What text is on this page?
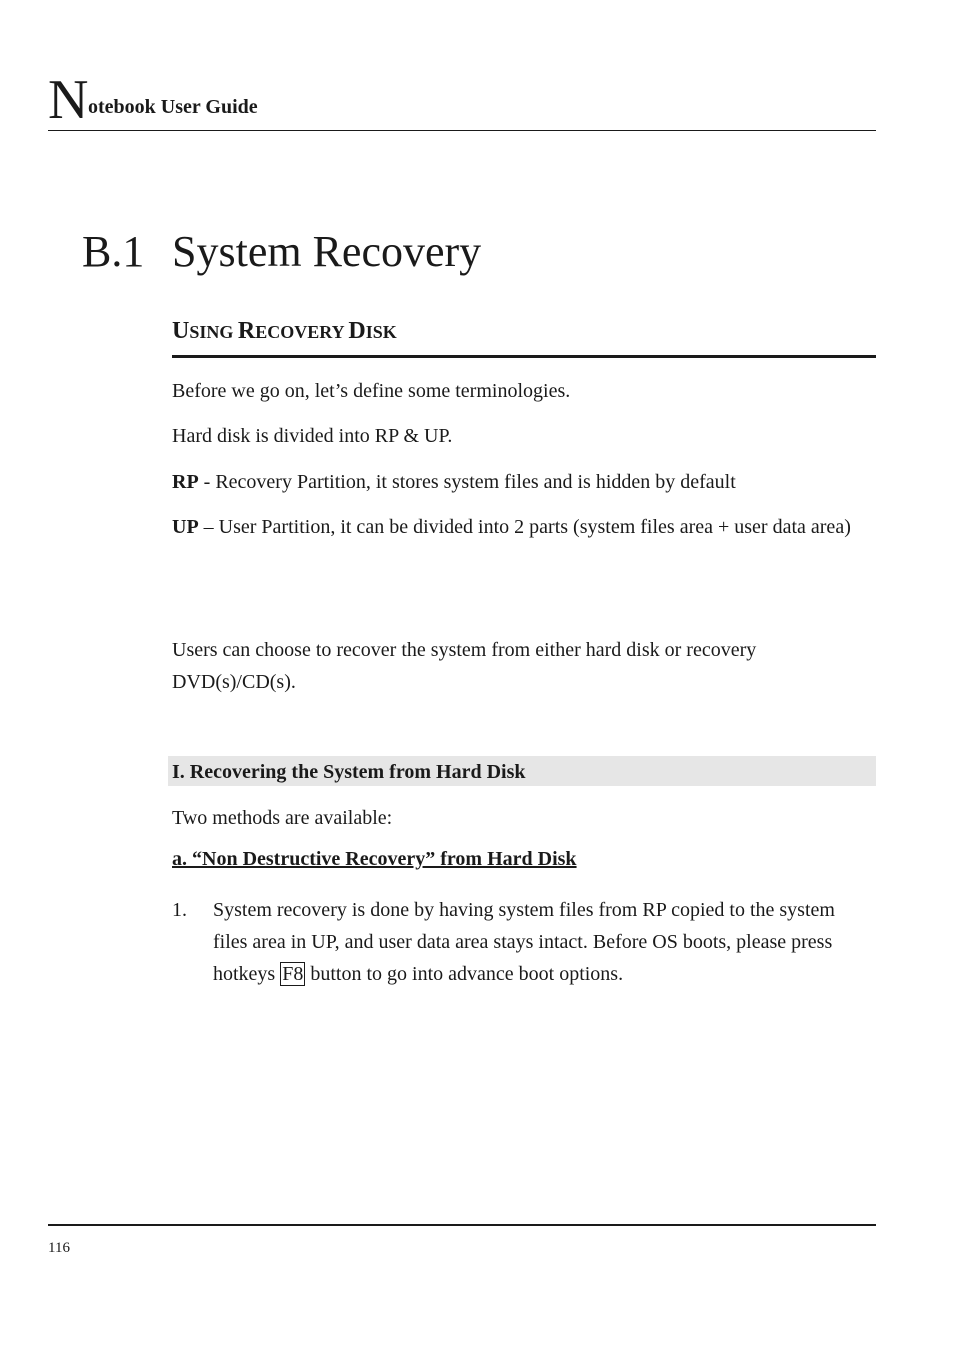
N otebook User Guide
B.1 System Recovery
USING RECOVERY DISK

Before we go on, let’s define some terminologies.

Hard disk is divided into RP & UP.

RP - Recovery Partition, it stores system files and is hidden by default

UP – User Partition, it can be divided into 2 parts (system files area + user data area)

Users can choose to recover the system from either hard disk or recovery DVD(s)/CD(s).

I. Recovering the System from Hard Disk

Two methods are available:

a. “Non Destructive Recovery” from Hard Disk
1. System recovery is done by having system files from RP copied to the system files area in UP, and user data area stays intact. Before OS boots, please press hotkeys F8 button to go into advance boot options.
116
